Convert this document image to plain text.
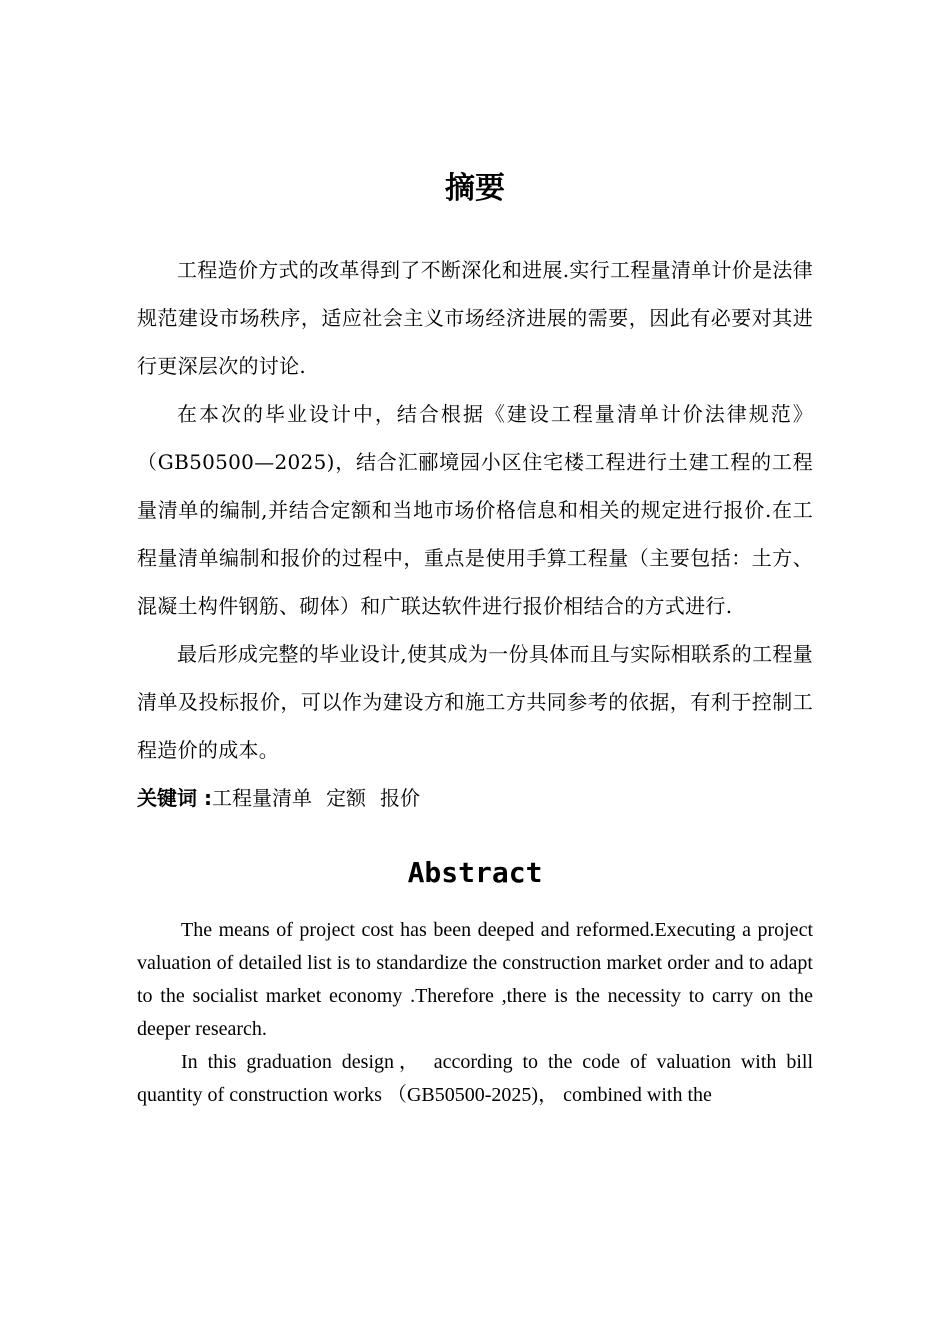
摘要

工程造价方式的改革得到了不断深化和进展.实行工程量清单计价是法律规范建设市场秩序，适应社会主义市场经济进展的需要，因此有必要对其进行更深层次的讨论.

在本次的毕业设计中，结合根据《建设工程量清单计价法律规范》（GB50500—2025)，结合汇郦境园小区住宅楼工程进行土建工程的工程量清单的编制,并结合定额和当地市场价格信息和相关的规定进行报价.在工程量清单编制和报价的过程中，重点是使用手算工程量（主要包括：土方、混凝土构件钢筋、砌体）和广联达软件进行报价相结合的方式进行.

最后形成完整的毕业设计,使其成为一份具体而且与实际相联系的工程量清单及投标报价，可以作为建设方和施工方共同参考的依据，有利于控制工程造价的成本。

关键词 :工程量清单 定额 报价

Abstract

The means of project cost has been deeped and reformed.Executing a project valuation of detailed list is to standardize the construction market order and to adapt to the socialist market economy .Therefore ,there is the necessity to carry on the deeper research.

In this graduation design， according to the code of valuation with bill quantity of construction works （GB50500-2025)， combined with the
